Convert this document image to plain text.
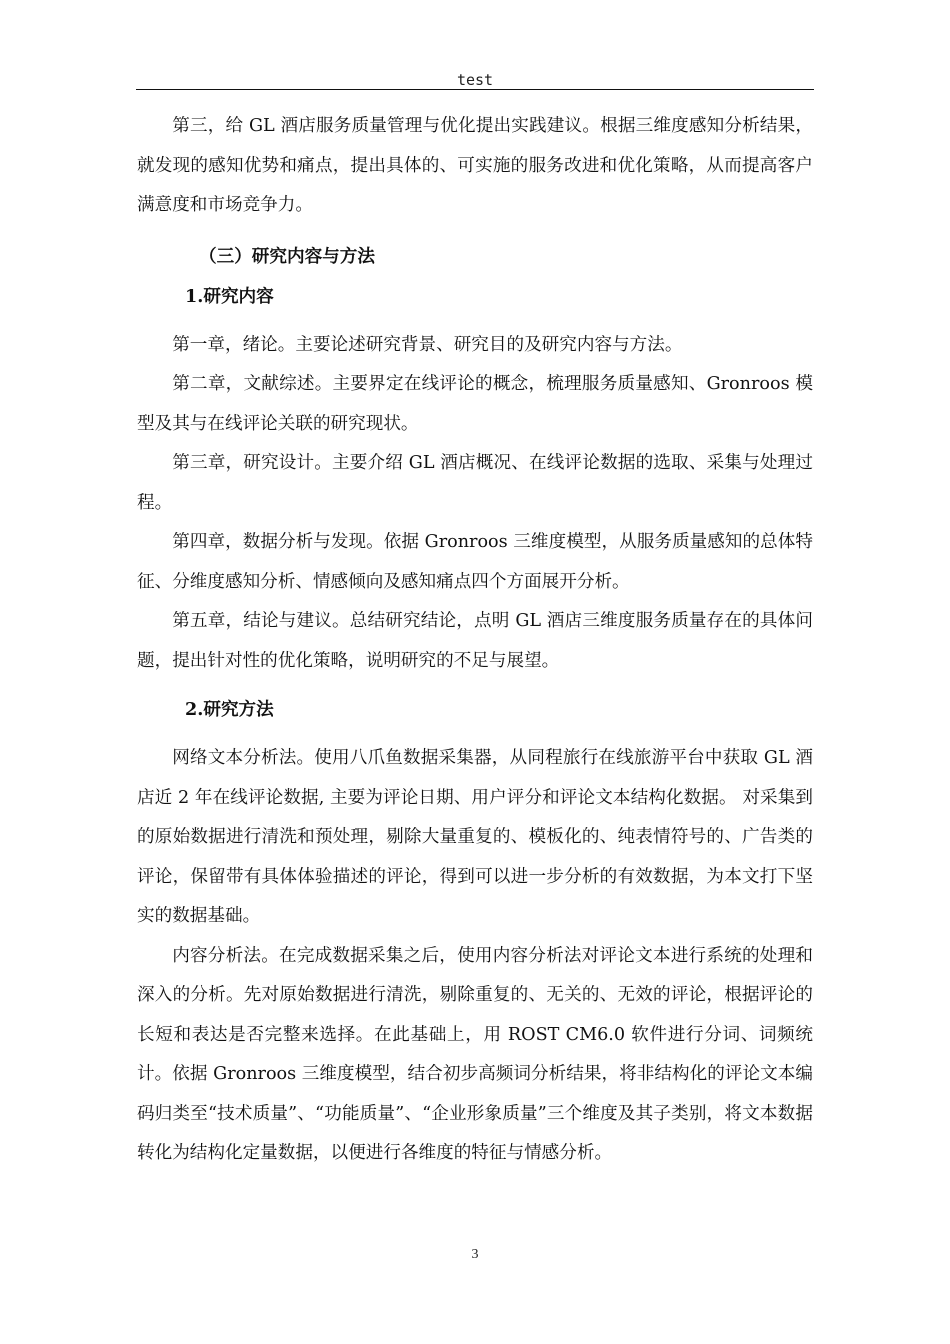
test

第三，给 GL 酒店服务质量管理与优化提出实践建议。根据三维度感知分析结果，就发现的感知优势和痛点，提出具体的、可实施的服务改进和优化策略，从而提高客户满意度和市场竞争力。

（三）研究内容与方法

1.研究内容

第一章，绪论。主要论述研究背景、研究目的及研究内容与方法。

第二章，文献综述。主要界定在线评论的概念，梳理服务质量感知、Gronroos 模型及其与在线评论关联的研究现状。

第三章，研究设计。主要介绍 GL 酒店概况、在线评论数据的选取、采集与处理过程。

第四章，数据分析与发现。依据 Gronroos 三维度模型，从服务质量感知的总体特征、分维度感知分析、情感倾向及感知痛点四个方面展开分析。

第五章，结论与建议。总结研究结论，点明 GL 酒店三维度服务质量存在的具体问题，提出针对性的优化策略，说明研究的不足与展望。

2.研究方法

网络文本分析法。使用八爪鱼数据采集器，从同程旅行在线旅游平台中获取 GL 酒店近 2 年在线评论数据, 主要为评论日期、用户评分和评论文本结构化数据。 对采集到的原始数据进行清洗和预处理，剔除大量重复的、模板化的、纯表情符号的、广告类的评论，保留带有具体体验描述的评论，得到可以进一步分析的有效数据，为本文打下坚实的数据基础。

内容分析法。在完成数据采集之后，使用内容分析法对评论文本进行系统的处理和深入的分析。先对原始数据进行清洗，剔除重复的、无关的、无效的评论，根据评论的长短和表达是否完整来选择。在此基础上，用 ROST CM6.0 软件进行分词、词频统计。依据 Gronroos 三维度模型，结合初步高频词分析结果，将非结构化的评论文本编码归类至“技术质量”、“功能质量”、“企业形象质量”三个维度及其子类别，将文本数据转化为结构化定量数据，以便进行各维度的特征与情感分析。

3
